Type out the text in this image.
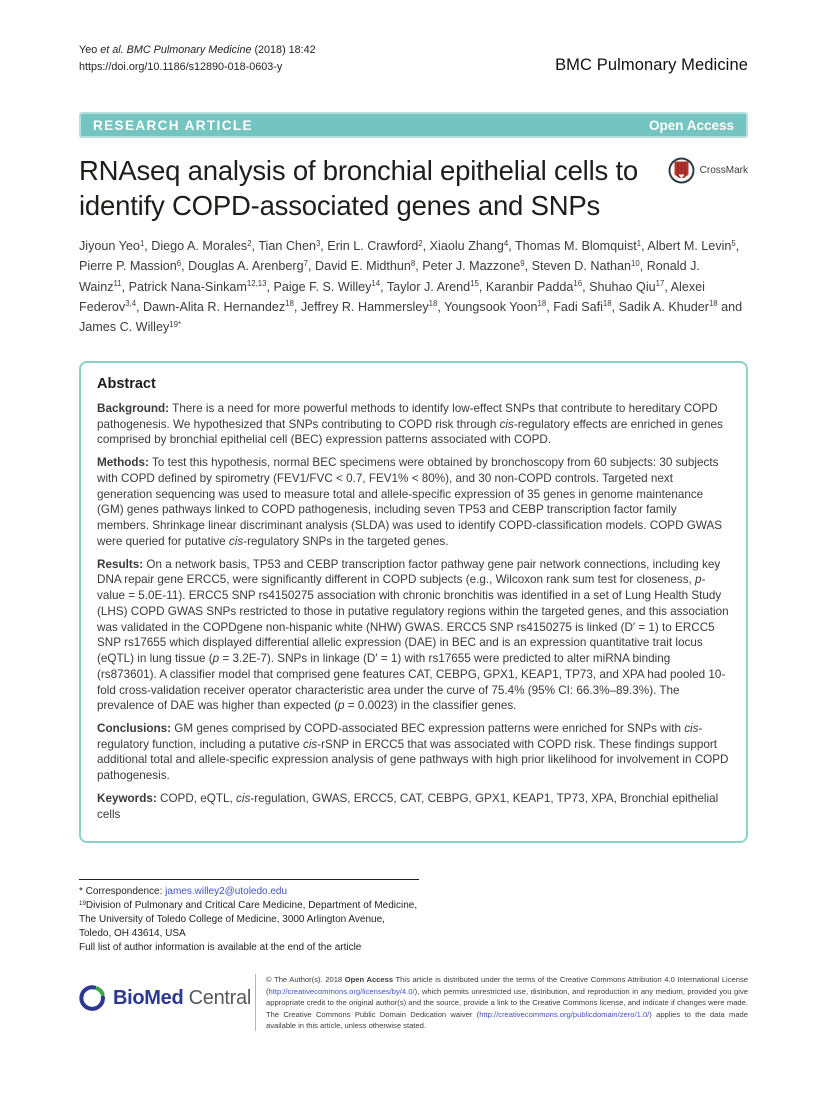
Yeo et al. BMC Pulmonary Medicine (2018) 18:42
https://doi.org/10.1186/s12890-018-0603-y	BMC Pulmonary Medicine
RESEARCH ARTICLE	Open Access
RNAseq analysis of bronchial epithelial cells to identify COPD-associated genes and SNPs
CrossMark

Jiyoun Yeo$^1$, Diego A. Morales$^2$, Tian Chen$^3$, Erin L. Crawford$^2$, Xiaolu Zhang$^4$, Thomas M. Blomquist$^1$, Albert M. Levin$^5$, Pierre P. Massion$^6$, Douglas A. Arenberg$^7$, David E. Midthun$^8$, Peter J. Mazzone$^9$, Steven D. Nathan$^{10}$, Ronald J. Wainz$^{11}$, Patrick Nana-Sinkam$^{12,13}$, Paige F. S. Willey$^{14}$, Taylor J. Arend$^{15}$, Karanbir Padda$^{16}$, Shuhao Qiu$^{17}$, Alexei Federov$^{3,4}$, Dawn-Alita R. Hernandez$^{18}$, Jeffrey R. Hammersley$^{18}$, Youngsook Yoon$^{18}$, Fadi Safi$^{18}$, Sadik A. Khuder$^{18}$ and James C. Willey$^{19*}$

Abstract

Background: There is a need for more powerful methods to identify low-effect SNPs that contribute to hereditary COPD pathogenesis. We hypothesized that SNPs contributing to COPD risk through cis-regulatory effects are enriched in genes comprised by bronchial epithelial cell (BEC) expression patterns associated with COPD.

Methods: To test this hypothesis, normal BEC specimens were obtained by bronchoscopy from 60 subjects: 30 subjects with COPD defined by spirometry (FEV1/FVC < 0.7, FEV1% < 80%), and 30 non-COPD controls. Targeted next generation sequencing was used to measure total and allele-specific expression of 35 genes in genome maintenance (GM) genes pathways linked to COPD pathogenesis, including seven TP53 and CEBP transcription factor family members. Shrinkage linear discriminant analysis (SLDA) was used to identify COPD-classification models. COPD GWAS were queried for putative cis-regulatory SNPs in the targeted genes.

Results: On a network basis, TP53 and CEBP transcription factor pathway gene pair network connections, including key DNA repair gene ERCC5, were significantly different in COPD subjects (e.g., Wilcoxon rank sum test for closeness, p-value = 5.0E-11). ERCC5 SNP rs4150275 association with chronic bronchitis was identified in a set of Lung Health Study (LHS) COPD GWAS SNPs restricted to those in putative regulatory regions within the targeted genes, and this association was validated in the COPDgene non-hispanic white (NHW) GWAS. ERCC5 SNP rs4150275 is linked (D′ = 1) to ERCC5 SNP rs17655 which displayed differential allelic expression (DAE) in BEC and is an expression quantitative trait locus (eQTL) in lung tissue (p = 3.2E-7). SNPs in linkage (D′ = 1) with rs17655 were predicted to alter miRNA binding (rs873601). A classifier model that comprised gene features CAT, CEBPG, GPX1, KEAP1, TP73, and XPA had pooled 10-fold cross-validation receiver operator characteristic area under the curve of 75.4% (95% CI: 66.3%–89.3%). The prevalence of DAE was higher than expected (p = 0.0023) in the classifier genes.

Conclusions: GM genes comprised by COPD-associated BEC expression patterns were enriched for SNPs with cis-regulatory function, including a putative cis-rSNP in ERCC5 that was associated with COPD risk. These findings support additional total and allele-specific expression analysis of gene pathways with high prior likelihood for involvement in COPD pathogenesis.

Keywords: COPD, eQTL, cis-regulation, GWAS, ERCC5, CAT, CEBPG, GPX1, KEAP1, TP73, XPA, Bronchial epithelial cells

* Correspondence: james.willey2@utoledo.edu

$^{19}$Division of Pulmonary and Critical Care Medicine, Department of Medicine, The University of Toledo College of Medicine, 3000 Arlington Avenue, Toledo, OH 43614, USA

Full list of author information is available at the end of the article

BioMed Central
© The Author(s). 2018 Open Access This article is distributed under the terms of the Creative Commons Attribution 4.0 International License (http://creativecommons.org/licenses/by/4.0/), which permits unrestricted use, distribution, and reproduction in any medium, provided you give appropriate credit to the original author(s) and the source, provide a link to the Creative Commons license, and indicate if changes were made. The Creative Commons Public Domain Dedication waiver (http://creativecommons.org/publicdomain/zero/1.0/) applies to the data made available in this article, unless otherwise stated.
